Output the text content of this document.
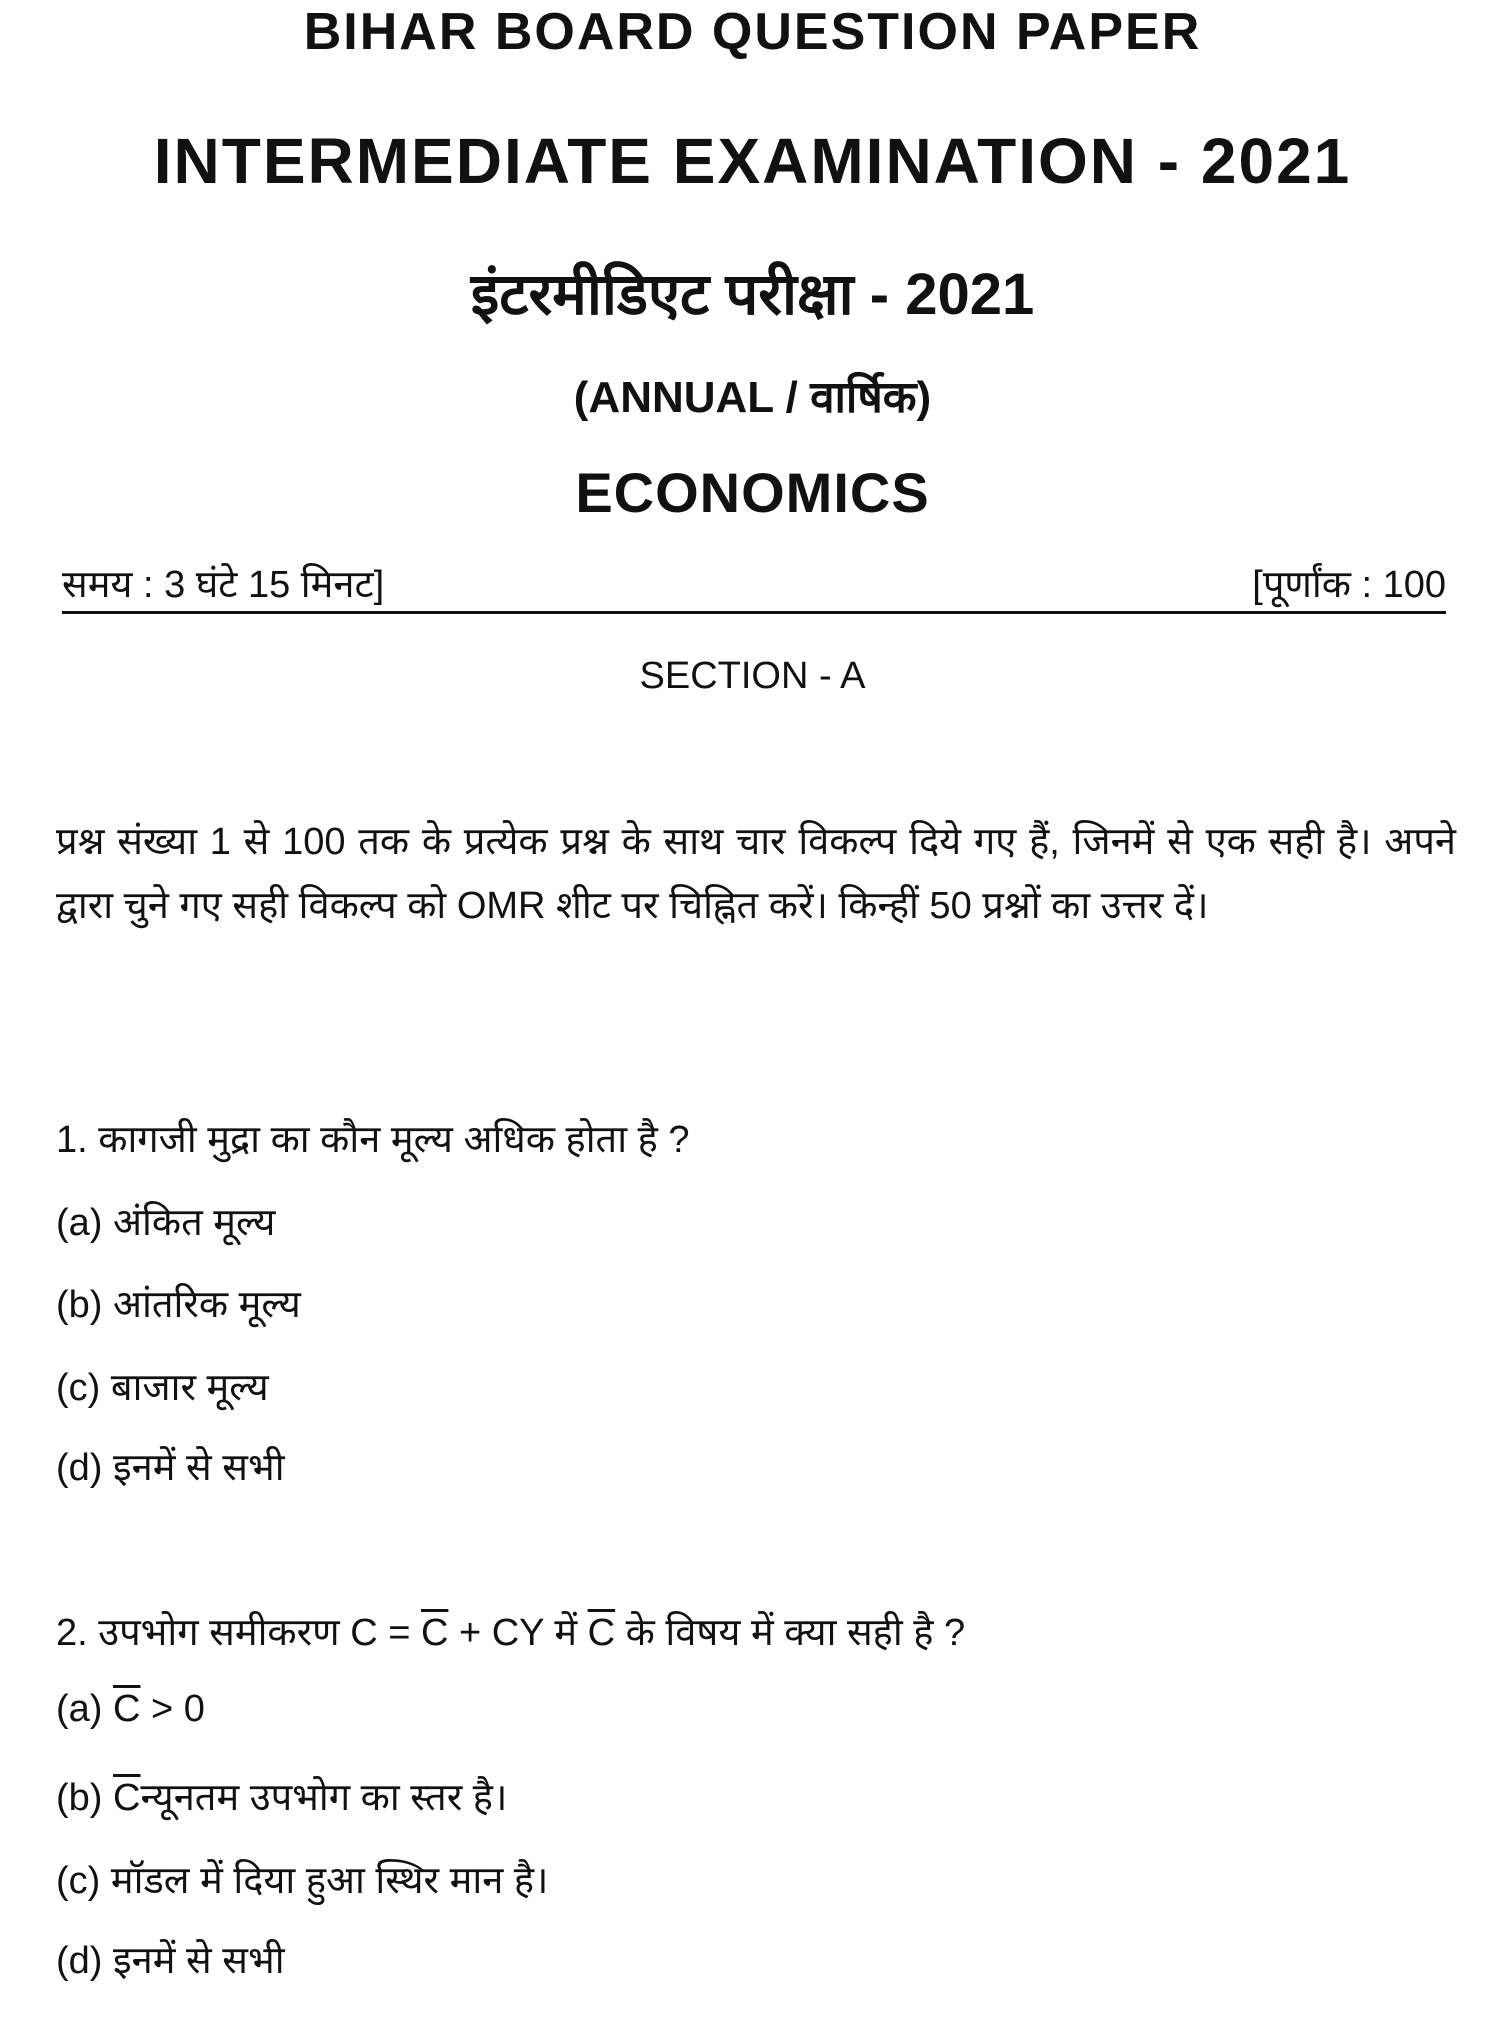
BIHAR BOARD QUESTION PAPER
INTERMEDIATE EXAMINATION - 2021
इंटरमीडिएट परीक्षा - 2021
(ANNUAL / वार्षिक)
ECONOMICS
समय : 3 घंटे 15 मिनट]	[पूर्णांक : 100
SECTION - A
प्रश्न संख्या 1 से 100 तक के प्रत्येक प्रश्न के साथ चार विकल्प दिये गए हैं, जिनमें से एक सही है। अपने द्वारा चुने गए सही विकल्प को OMR शीट पर चिह्नित करें। किन्हीं 50 प्रश्नों का उत्तर दें।
1. कागजी मुद्रा का कौन मूल्य अधिक होता है ?
(a) अंकित मूल्य
(b) आंतरिक मूल्य
(c) बाजार मूल्य
(d) इनमें से सभी
2. उपभोग समीकरण $C = \overline{C}$ + CY में $\overline{C}$ के विषय में क्या सही है ?
(a) $\overline{C} > 0$
(b) $\overline{C}न्यूनतम$ उपभोग का स्तर है।
(c) मॉडल में दिया हुआ स्थिर मान है।
(d) इनमें से सभी
